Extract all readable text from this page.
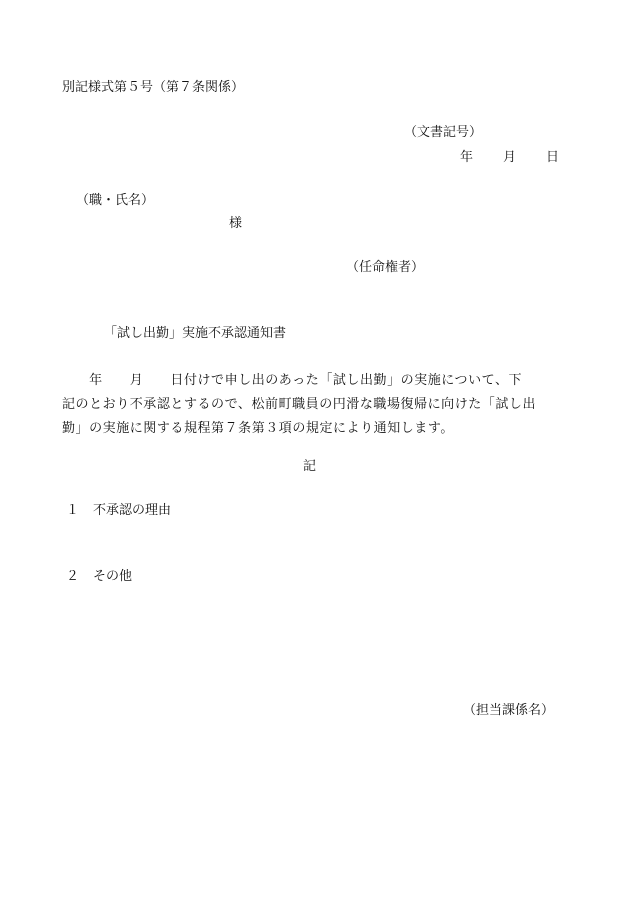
別記様式第５号（第７条関係）
（文書記号）
年 月 日
（職・氏名）
様
（任命権者）
「試し出勤」実施不承認通知書
　　年　　月　　日付けで申し出のあった「試し出勤」の実施について、下
記のとおり不承認とするので、松前町職員の円滑な職場復帰に向けた「試し出
勤」の実施に関する規程第７条第３項の規定により通知します。
記
１ 不承認の理由
２ その他
（担当課係名）
